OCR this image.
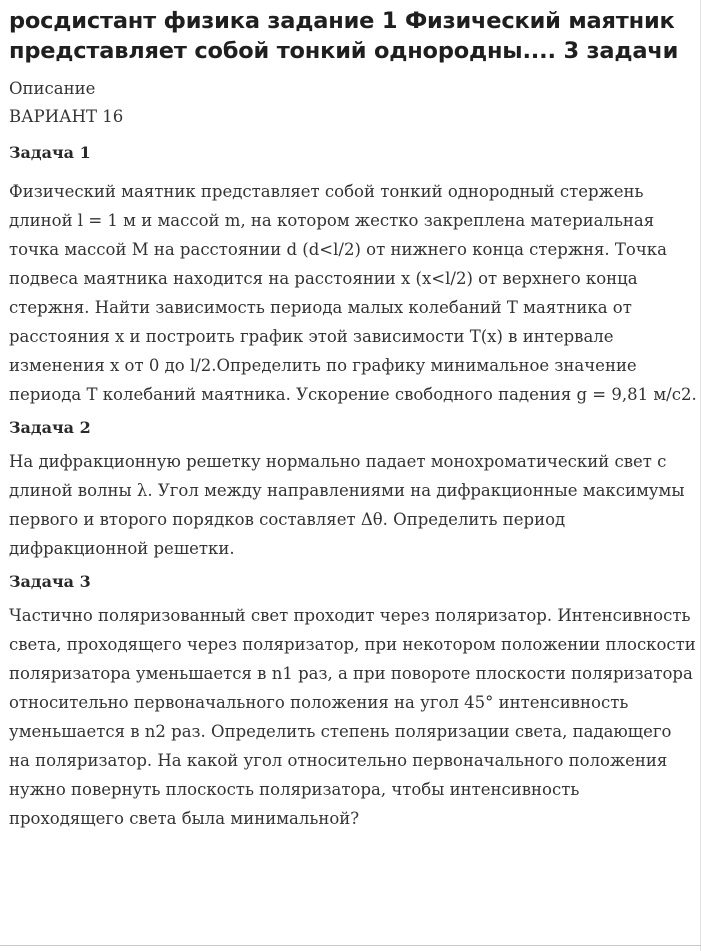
росдистант физика задание 1 Физический маятник представляет собой тонкий однородны.... 3 задачи

Описание

ВАРИАНТ 16

Задача 1

Физический маятник представляет собой тонкий однородный стержень длиной l = 1 м и массой m, на котором жестко закреплена материальная точка массой M на расстоянии d (d<l/2) от нижнего конца стержня. Точка подвеса маятника находится на расстоянии x (x<l/2) от верхнего конца стержня. Найти зависимость периода малых колебаний T маятника от расстояния x и построить график этой зависимости T(x) в интервале изменения x от 0 до l/2.Определить по графику минимальное значение периода T колебаний маятника. Ускорение свободного падения g = 9,81 м/c2.

Задача 2

На дифракционную решетку нормально падает монохроматический свет с длиной волны λ. Угол между направлениями на дифракционные максимумы первого и второго порядков составляет Δθ. Определить период дифракционной решетки.

Задача 3

Частично поляризованный свет проходит через поляризатор. Интенсивность света, проходящего через поляризатор, при некотором положении плоскости поляризатора уменьшается в n1 раз, а при повороте плоскости поляризатора относительно первоначального положения на угол 45° интенсивность уменьшается в n2 раз. Определить степень поляризации света, падающего на поляризатор. На какой угол относительно первоначального положения нужно повернуть плоскость поляризатора, чтобы интенсивность проходящего света была минимальной?
